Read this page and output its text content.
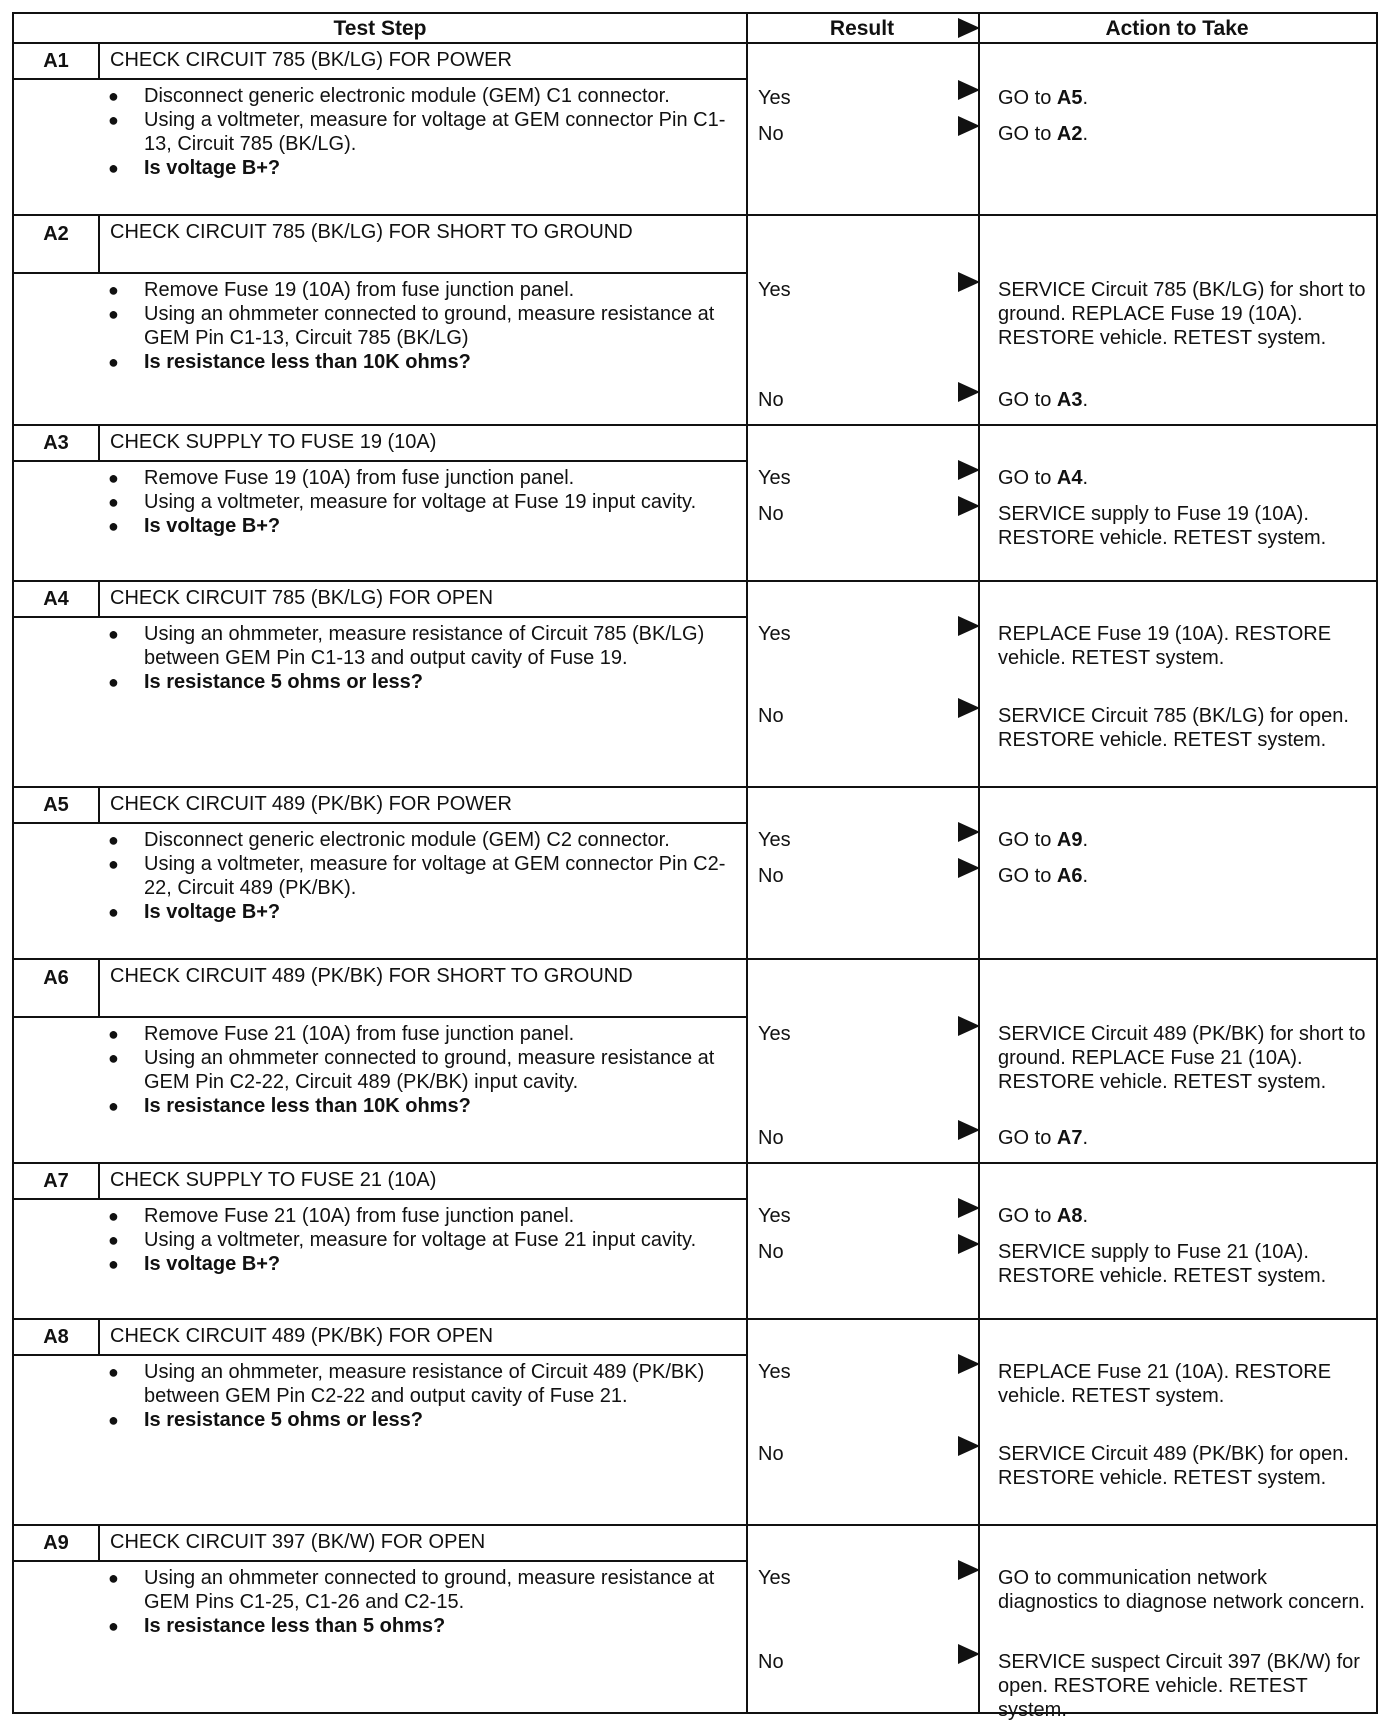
Test Step	Result	Action to Take
A1	CHECK CIRCUIT 785 (BK/LG) FOR POWER
● Disconnect generic electronic module (GEM) C1 connector.
● Using a voltmeter, measure for voltage at GEM connector Pin C1-13, Circuit 785 (BK/LG).
● Is voltage B+?
Yes	GO to A5.
No	GO to A2.
A2	CHECK CIRCUIT 785 (BK/LG) FOR SHORT TO GROUND
● Remove Fuse 19 (10A) from fuse junction panel.
● Using an ohmmeter connected to ground, measure resistance at GEM Pin C1-13, Circuit 785 (BK/LG)
● Is resistance less than 10K ohms?
Yes	SERVICE Circuit 785 (BK/LG) for short to ground. REPLACE Fuse 19 (10A). RESTORE vehicle. RETEST system.
No	GO to A3.
A3	CHECK SUPPLY TO FUSE 19 (10A)
● Remove Fuse 19 (10A) from fuse junction panel.
● Using a voltmeter, measure for voltage at Fuse 19 input cavity.
● Is voltage B+?
Yes	GO to A4.
No	SERVICE supply to Fuse 19 (10A). RESTORE vehicle. RETEST system.
A4	CHECK CIRCUIT 785 (BK/LG) FOR OPEN
● Using an ohmmeter, measure resistance of Circuit 785 (BK/LG) between GEM Pin C1-13 and output cavity of Fuse 19.
● Is resistance 5 ohms or less?
Yes	REPLACE Fuse 19 (10A). RESTORE vehicle. RETEST system.
No	SERVICE Circuit 785 (BK/LG) for open. RESTORE vehicle. RETEST system.
A5	CHECK CIRCUIT 489 (PK/BK) FOR POWER
● Disconnect generic electronic module (GEM) C2 connector.
● Using a voltmeter, measure for voltage at GEM connector Pin C2-22, Circuit 489 (PK/BK).
● Is voltage B+?
Yes	GO to A9.
No	GO to A6.
A6	CHECK CIRCUIT 489 (PK/BK) FOR SHORT TO GROUND
● Remove Fuse 21 (10A) from fuse junction panel.
● Using an ohmmeter connected to ground, measure resistance at GEM Pin C2-22, Circuit 489 (PK/BK) input cavity.
● Is resistance less than 10K ohms?
Yes	SERVICE Circuit 489 (PK/BK) for short to ground. REPLACE Fuse 21 (10A). RESTORE vehicle. RETEST system.
No	GO to A7.
A7	CHECK SUPPLY TO FUSE 21 (10A)
● Remove Fuse 21 (10A) from fuse junction panel.
● Using a voltmeter, measure for voltage at Fuse 21 input cavity.
● Is voltage B+?
Yes	GO to A8.
No	SERVICE supply to Fuse 21 (10A). RESTORE vehicle. RETEST system.
A8	CHECK CIRCUIT 489 (PK/BK) FOR OPEN
● Using an ohmmeter, measure resistance of Circuit 489 (PK/BK) between GEM Pin C2-22 and output cavity of Fuse 21.
● Is resistance 5 ohms or less?
Yes	REPLACE Fuse 21 (10A). RESTORE vehicle. RETEST system.
No	SERVICE Circuit 489 (PK/BK) for open. RESTORE vehicle. RETEST system.
A9	CHECK CIRCUIT 397 (BK/W) FOR OPEN
● Using an ohmmeter connected to ground, measure resistance at GEM Pins C1-25, C1-26 and C2-15.
● Is resistance less than 5 ohms?
Yes	GO to communication network diagnostics to diagnose network concern.
No	SERVICE suspect Circuit 397 (BK/W) for open. RESTORE vehicle. RETEST system.
